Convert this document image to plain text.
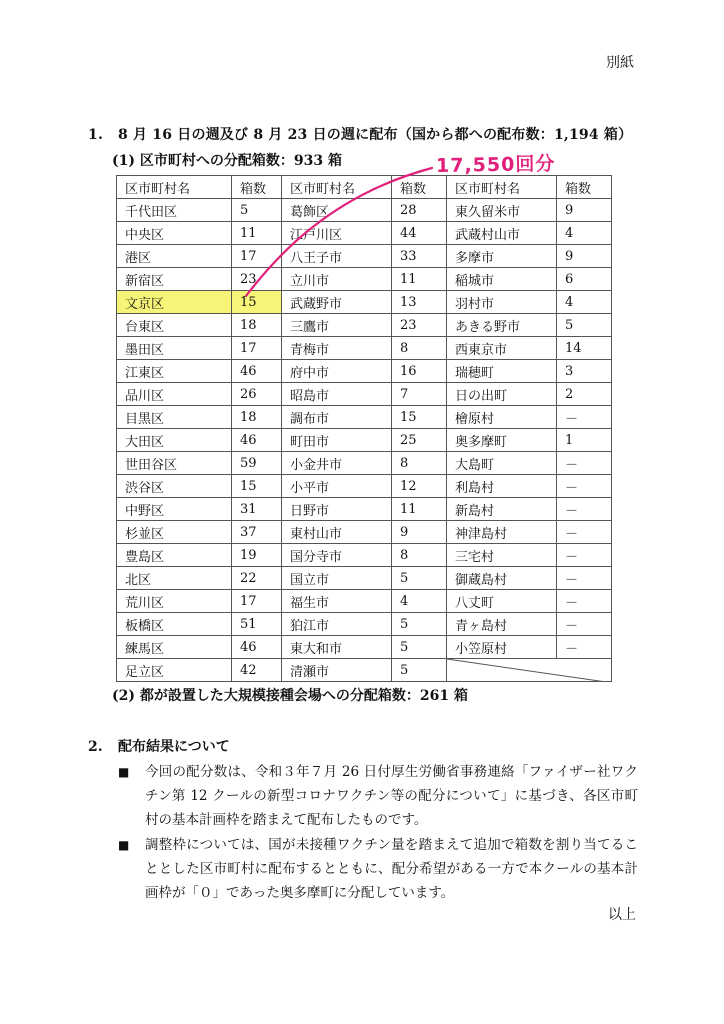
別紙
1. 8 月 16 日の週及び 8 月 23 日の週に配布（国から都への配布数：1,194 箱）
(1) 区市町村への分配箱数：933 箱
区市町村名	箱数	区市町村名	箱数	区市町村名	箱数
千代田区	5	葛飾区	28	東久留米市	9
中央区	11	江戸川区	44	武蔵村山市	4
港区	17	八王子市	33	多摩市	9
新宿区	23	立川市	11	稲城市	6
文京区	15	武蔵野市	13	羽村市	4
台東区	18	三鷹市	23	あきる野市	5
墨田区	17	青梅市	8	西東京市	14
江東区	46	府中市	16	瑞穂町	3
品川区	26	昭島市	7	日の出町	2
目黒区	18	調布市	15	檜原村	－
大田区	46	町田市	25	奥多摩町	1
世田谷区	59	小金井市	8	大島町	－
渋谷区	15	小平市	12	利島村	－
中野区	31	日野市	11	新島村	－
杉並区	37	東村山市	9	神津島村	－
豊島区	19	国分寺市	8	三宅村	－
北区	22	国立市	5	御蔵島村	－
荒川区	17	福生市	4	八丈町	－
板橋区	51	狛江市	5	青ヶ島村	－
練馬区	46	東大和市	5	小笠原村	－
足立区	42	清瀬市	5	
17,550回分
(2) 都が設置した大規模接種会場への分配箱数：261 箱
2. 配布結果について
■ 今回の配分数は、令和３年７月 26 日付厚生労働省事務連絡「ファイザー社ワクチン第 12 クールの新型コロナワクチン等の配分について」に基づき、各区市町村の基本計画枠を踏まえて配布したものです。
■ 調整枠については、国が未接種ワクチン量を踏まえて追加で箱数を割り当てることとした区市町村に配布するとともに、配分希望がある一方で本クールの基本計画枠が「０」であった奥多摩町に分配しています。
以上
